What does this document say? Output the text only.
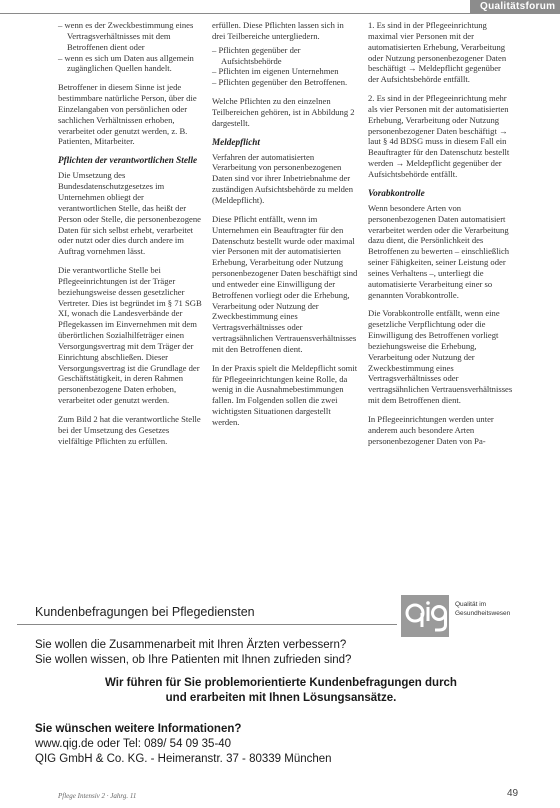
Qualitätsforum
– wenn es der Zweckbestimmung eines Vertragsverhältnisses mit dem Betroffenen dient oder
– wenn es sich um Daten aus allgemein zugänglichen Quellen handelt.

Betroffener in diesem Sinne ist jede bestimmbare natürliche Person, über die Einzelangaben von persönlichen oder sachlichen Verhältnissen erhoben, verarbeitet oder genutzt werden, z. B. Patienten, Mitarbeiter.

Pflichten der verantwortlichen Stelle

Die Umsetzung des Bundesdatenschutzgesetzes im Unternehmen obliegt der verantwortlichen Stelle, das heißt der Person oder Stelle, die personenbezogene Daten für sich selbst erhebt, verarbeitet oder nutzt oder dies durch andere im Auftrag vornehmen lässt.

Die verantwortliche Stelle bei Pflegeeinrichtungen ist der Träger beziehungsweise dessen gesetzlicher Vertreter. Dies ist begründet im § 71 SGB XI, wonach die Landesverbände der Pflegekassen im Einvernehmen mit dem überörtlichen Sozialhilfeträger einen Versorgungsvertrag mit dem Träger der Einrichtung abschließen. Dieser Versorgungsvertrag ist die Grundlage der Geschäftstätigkeit, in deren Rahmen personenbezogene Daten erhoben, verarbeitet oder genutzt werden.

Zum Bild 2 hat die verantwortliche Stelle bei der Umsetzung des Gesetzes vielfältige Pflichten zu erfüllen.

erfüllen. Diese Pflichten lassen sich in drei Teilbereiche untergliedern.

– Pflichten gegenüber der Aufsichtsbehörde
– Pflichten im eigenen Unternehmen
– Pflichten gegenüber den Betroffenen.

Welche Pflichten zu den einzelnen Teilbereichen gehören, ist in Abbildung 2 dargestellt.

Meldepflicht

Verfahren der automatisierten Verarbeitung von personenbezogenen Daten sind vor ihrer Inbetriebnahme der zuständigen Aufsichtsbehörde zu melden (Meldepflicht).

Diese Pflicht entfällt, wenn im Unternehmen ein Beauftragter für den Datenschutz bestellt wurde oder maximal vier Personen mit der automatisierten Erhebung, Verarbeitung oder Nutzung personenbezogener Daten beschäftigt sind und entweder eine Einwilligung der Betroffenen vorliegt oder die Erhebung, Verarbeitung oder Nutzung der Zweckbestimmung eines Vertragsverhältnisses oder vertragsähnlichen Vertrauensverhältnisses mit den Betroffenen dient.

In der Praxis spielt die Meldepflicht somit für Pflegeeinrichtungen keine Rolle, da wenig in die Ausnahmebestimmungen fallen. Im Folgenden sollen die zwei wichtigsten Situationen dargestellt werden.

1. Es sind in der Pflegeeinrichtung maximal vier Personen mit der automatisierten Erhebung, Verarbeitung oder Nutzung personenbezogener Daten beschäftigt → Meldepflicht gegenüber der Aufsichtsbehörde entfällt.

2. Es sind in der Pflegeeinrichtung mehr als vier Personen mit der automatisierten Erhebung, Verarbeitung oder Nutzung personenbezogener Daten beschäftigt → laut § 4d BDSG muss in diesem Fall ein Beauftragter für den Datenschutz bestellt werden → Meldepflicht gegenüber der Aufsichtsbehörde entfällt.

Vorabkontrolle

Wenn besondere Arten von personenbezogenen Daten automatisiert verarbeitet werden oder die Verarbeitung dazu dient, die Persönlichkeit des Betroffenen zu bewerten – einschließlich seiner Fähigkeiten, seiner Leistung oder seines Verhaltens –, unterliegt die automatisierte Verarbeitung einer so genannten Vorabkontrolle.

Die Vorabkontrolle entfällt, wenn eine gesetzliche Verpflichtung oder die Einwilligung des Betroffenen vorliegt beziehungsweise die Erhebung, Verarbeitung oder Nutzung der Zweckbestimmung eines Vertragsverhältnisses oder vertragsähnlichen Vertrauensverhältnisses mit dem Betroffenen dient.

In Pflegeeinrichtungen werden unter anderem auch besondere Arten personenbezogener Daten von Pa-

Kundenbefragungen bei Pflegediensten
Qualität im Gesundheitswesen
Sie wollen die Zusammenarbeit mit Ihren Ärzten verbessern?
Sie wollen wissen, ob Ihre Patienten mit Ihnen zufrieden sind?
Wir führen für Sie problemorientierte Kundenbefragungen durch
und erarbeiten mit Ihnen Lösungsansätze.
Sie wünschen weitere Informationen?
www.qig.de oder Tel: 089/ 54 09 35-40
QIG GmbH & Co. KG. - Heimeranstr. 37 - 80339 München
Pflege Intensiv 2 · Jahrg. 11	49
